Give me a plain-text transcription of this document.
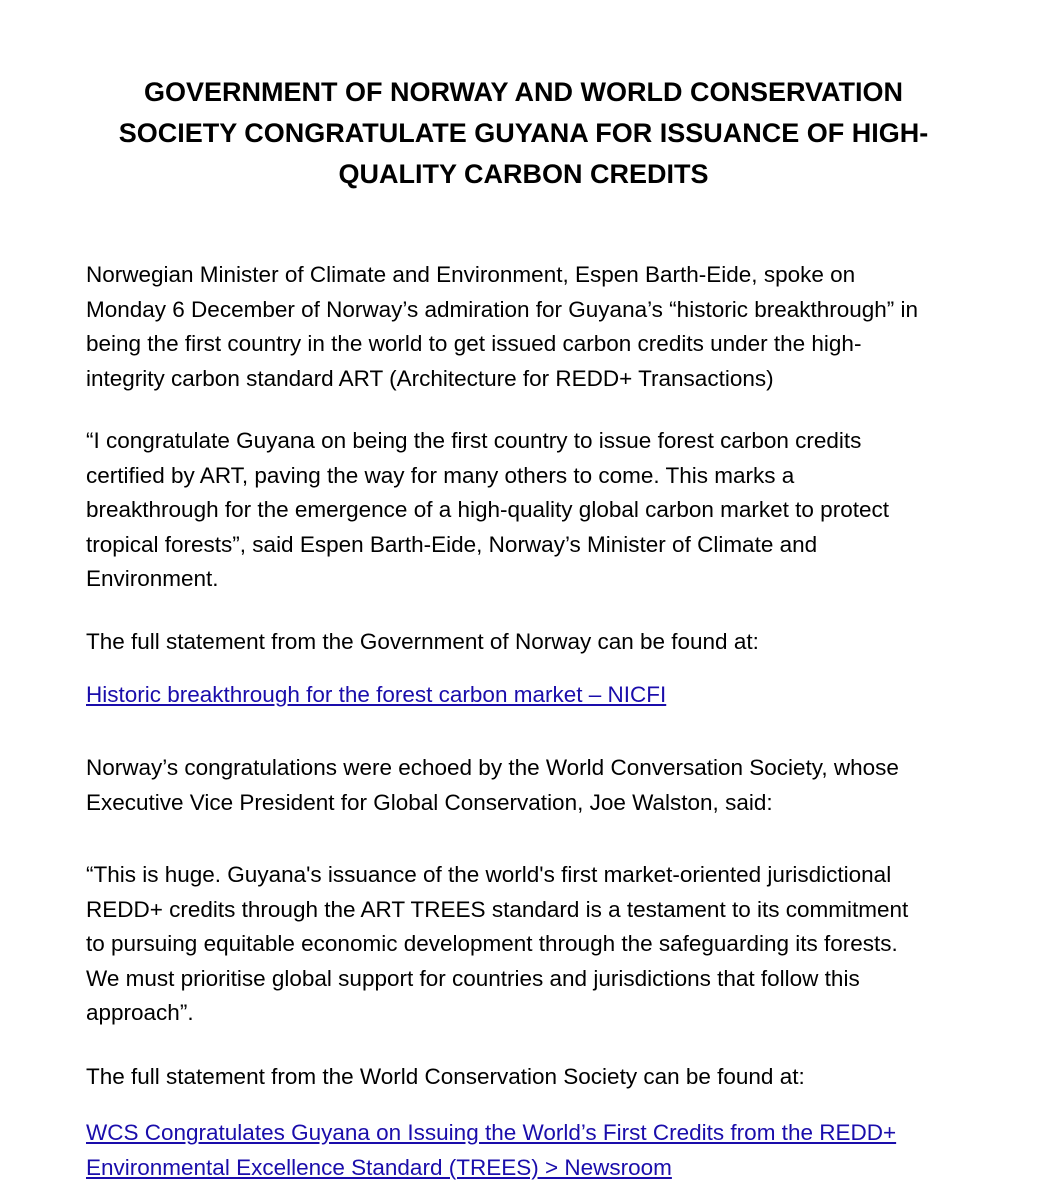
GOVERNMENT OF NORWAY AND WORLD CONSERVATION
SOCIETY CONGRATULATE GUYANA FOR ISSUANCE OF HIGH-
QUALITY CARBON CREDITS

Norwegian Minister of Climate and Environment, Espen Barth-Eide, spoke on
Monday 6 December of Norway’s admiration for Guyana’s “historic breakthrough” in
being the first country in the world to get issued carbon credits under the high-
integrity carbon standard ART (Architecture for REDD+ Transactions)

“I congratulate Guyana on being the first country to issue forest carbon credits
certified by ART, paving the way for many others to come. This marks a
breakthrough for the emergence of a high-quality global carbon market to protect
tropical forests”, said Espen Barth-Eide, Norway’s Minister of Climate and
Environment.

The full statement from the Government of Norway can be found at:

Historic breakthrough for the forest carbon market – NICFI

Norway’s congratulations were echoed by the World Conversation Society, whose
Executive Vice President for Global Conservation, Joe Walston, said:

“This is huge. Guyana's issuance of the world's first market-oriented jurisdictional
REDD+ credits through the ART TREES standard is a testament to its commitment
to pursuing equitable economic development through the safeguarding its forests.
We must prioritise global support for countries and jurisdictions that follow this
approach”.

The full statement from the World Conservation Society can be found at:

WCS Congratulates Guyana on Issuing the World’s First Credits from the REDD+
Environmental Excellence Standard (TREES) > Newsroom
